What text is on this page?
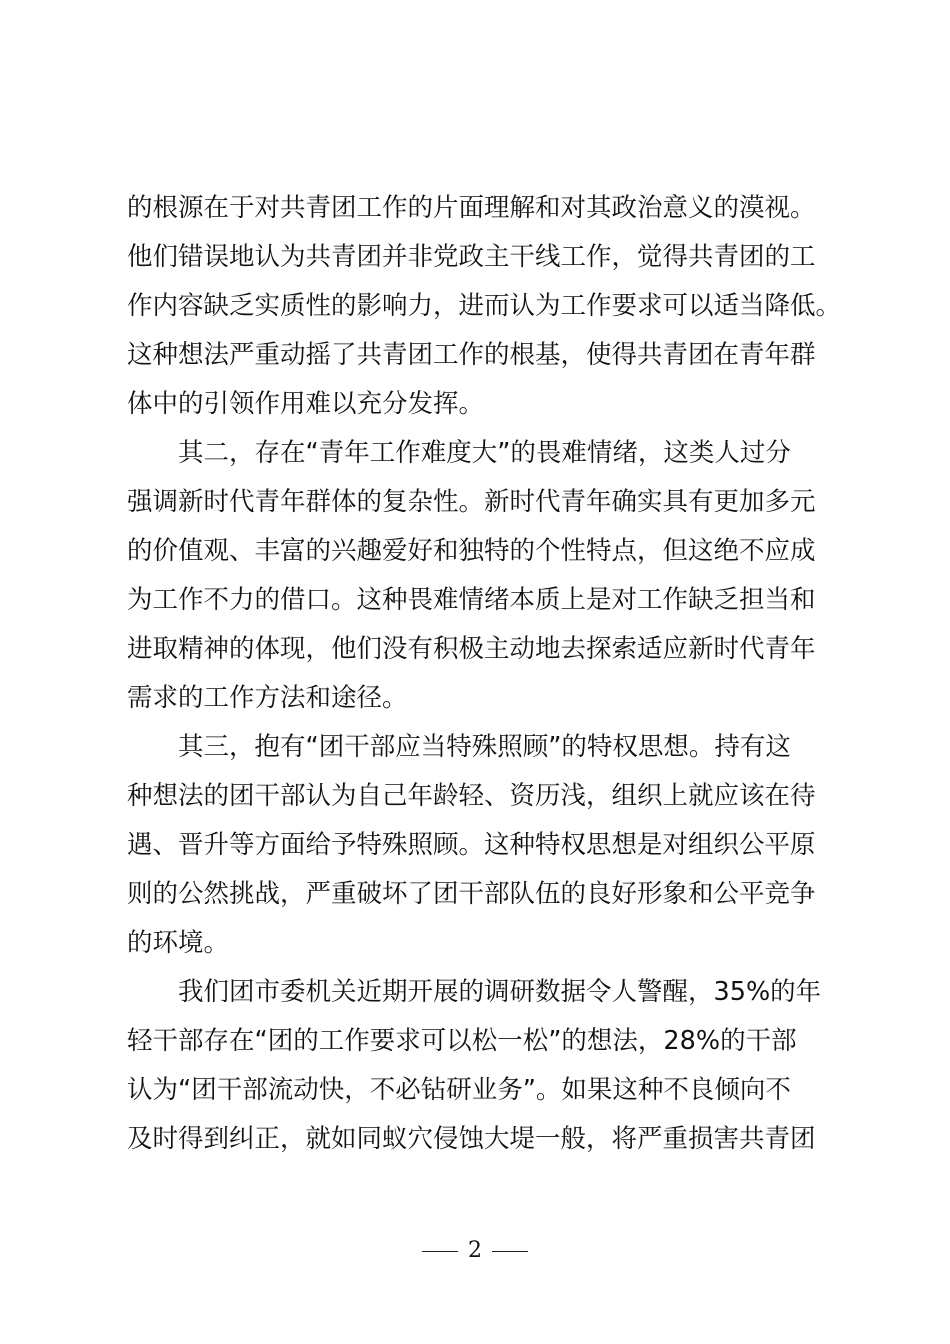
的根源在于对共青团工作的片面理解和对其政治意义的漠视。
他们错误地认为共青团并非党政主干线工作，觉得共青团的工
作内容缺乏实质性的影响力，进而认为工作要求可以适当降低。
这种想法严重动摇了共青团工作的根基，使得共青团在青年群
体中的引领作用难以充分发挥。
其二，存在“青年工作难度大”的畏难情绪，这类人过分
强调新时代青年群体的复杂性。新时代青年确实具有更加多元
的价值观、丰富的兴趣爱好和独特的个性特点，但这绝不应成
为工作不力的借口。这种畏难情绪本质上是对工作缺乏担当和
进取精神的体现，他们没有积极主动地去探索适应新时代青年
需求的工作方法和途径。
其三，抱有“团干部应当特殊照顾”的特权思想。持有这
种想法的团干部认为自己年龄轻、资历浅，组织上就应该在待
遇、晋升等方面给予特殊照顾。这种特权思想是对组织公平原
则的公然挑战，严重破坏了团干部队伍的良好形象和公平竞争
的环境。
我们团市委机关近期开展的调研数据令人警醒，35%的年
轻干部存在“团的工作要求可以松一松”的想法，28%的干部
认为“团干部流动快，不必钻研业务”。如果这种不良倾向不
及时得到纠正，就如同蚁穴侵蚀大堤一般，将严重损害共青团
2
